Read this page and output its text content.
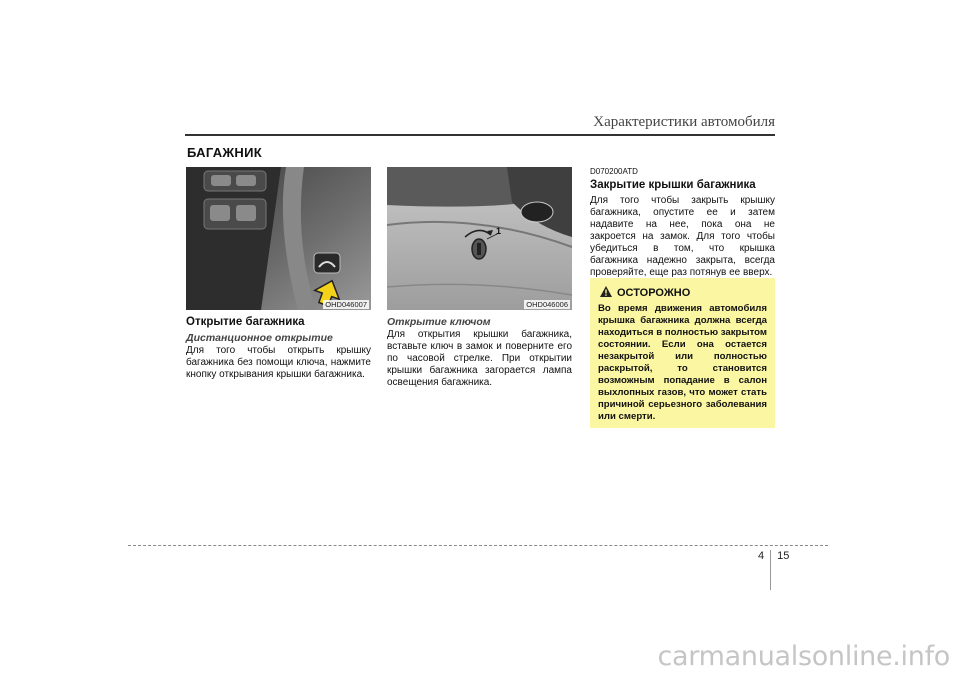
Характеристики автомобиля
БАГАЖНИК
OHD046007
Открытие багажника
Дистанционное открытие
Для того чтобы открыть крышку багажника без помощи ключа, нажмите кнопку открывания крышки багажника.
1
OHD046006
Открытие ключом
Для открытия крышки багажника, вставьте ключ в замок и поверните его по часовой стрелке. При открытии крышки багажника загорается лампа освещения багажника.
D070200ATD
Закрытие крышки багажника
Для того чтобы закрыть крышку багажника, опустите ее и затем надавите на нее, пока она не закроется на замок. Для того чтобы убедиться в том, что крышка багажника надежно закрыта, всегда проверяйте, еще раз потянув ее вверх.
ОСТОРОЖНО
Во время движения автомобиля крышка багажника должна всегда находиться в полностью закрытом состоянии. Если она остается незакрытой или полностью раскрытой, то становится возможным попадание в салон выхлопных газов, что может стать причиной серьезного заболевания или смерти.
4 15
carmanualsonline.info
